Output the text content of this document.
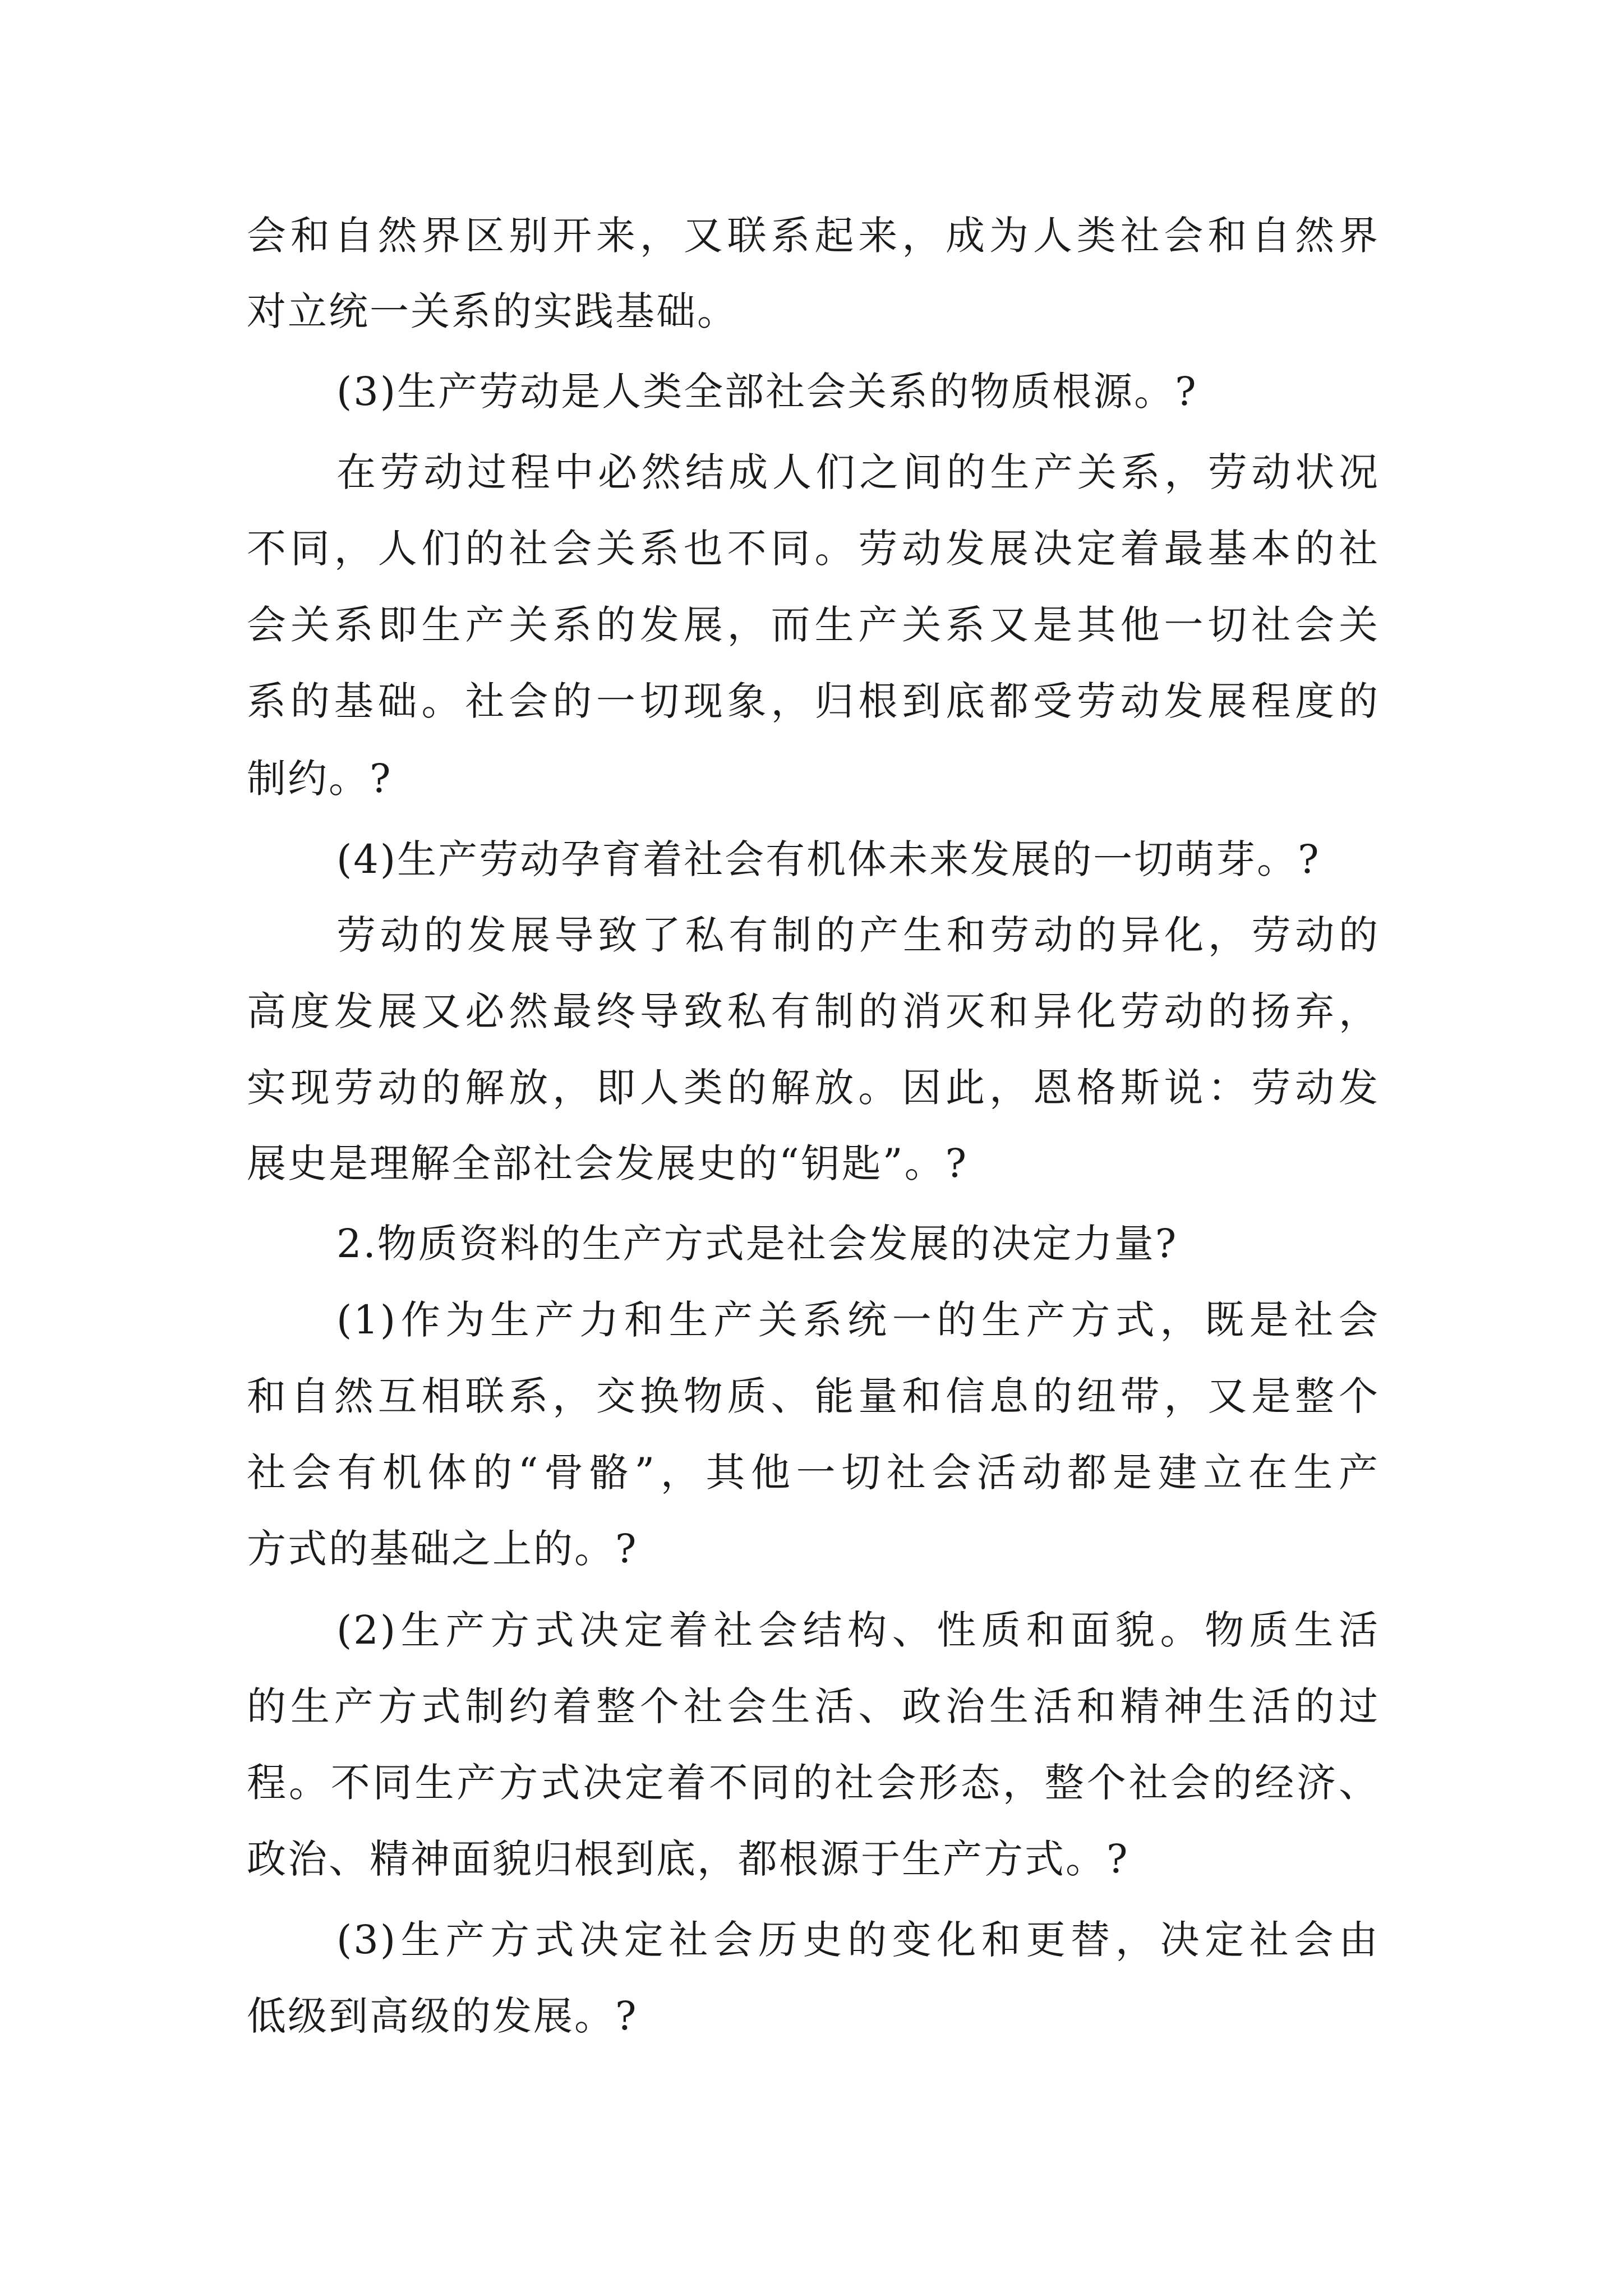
会和自然界区别开来，又联系起来，成为人类社会和自然界
对立统一关系的实践基础。
(3)生产劳动是人类全部社会关系的物质根源。?
在劳动过程中必然结成人们之间的生产关系，劳动状况
不同，人们的社会关系也不同。劳动发展决定着最基本的社
会关系即生产关系的发展，而生产关系又是其他一切社会关
系的基础。社会的一切现象，归根到底都受劳动发展程度的
制约。?
(4)生产劳动孕育着社会有机体未来发展的一切萌芽。?
劳动的发展导致了私有制的产生和劳动的异化，劳动的
高度发展又必然最终导致私有制的消灭和异化劳动的扬弃，
实现劳动的解放，即人类的解放。因此，恩格斯说：劳动发
展史是理解全部社会发展史的“钥匙”。?
2.物质资料的生产方式是社会发展的决定力量?
(1)作为生产力和生产关系统一的生产方式，既是社会
和自然互相联系，交换物质、能量和信息的纽带，又是整个
社会有机体的“骨骼”，其他一切社会活动都是建立在生产
方式的基础之上的。?
(2)生产方式决定着社会结构、性质和面貌。物质生活
的生产方式制约着整个社会生活、政治生活和精神生活的过
程。不同生产方式决定着不同的社会形态，整个社会的经济、
政治、精神面貌归根到底，都根源于生产方式。?
(3)生产方式决定社会历史的变化和更替，决定社会由
低级到高级的发展。?
